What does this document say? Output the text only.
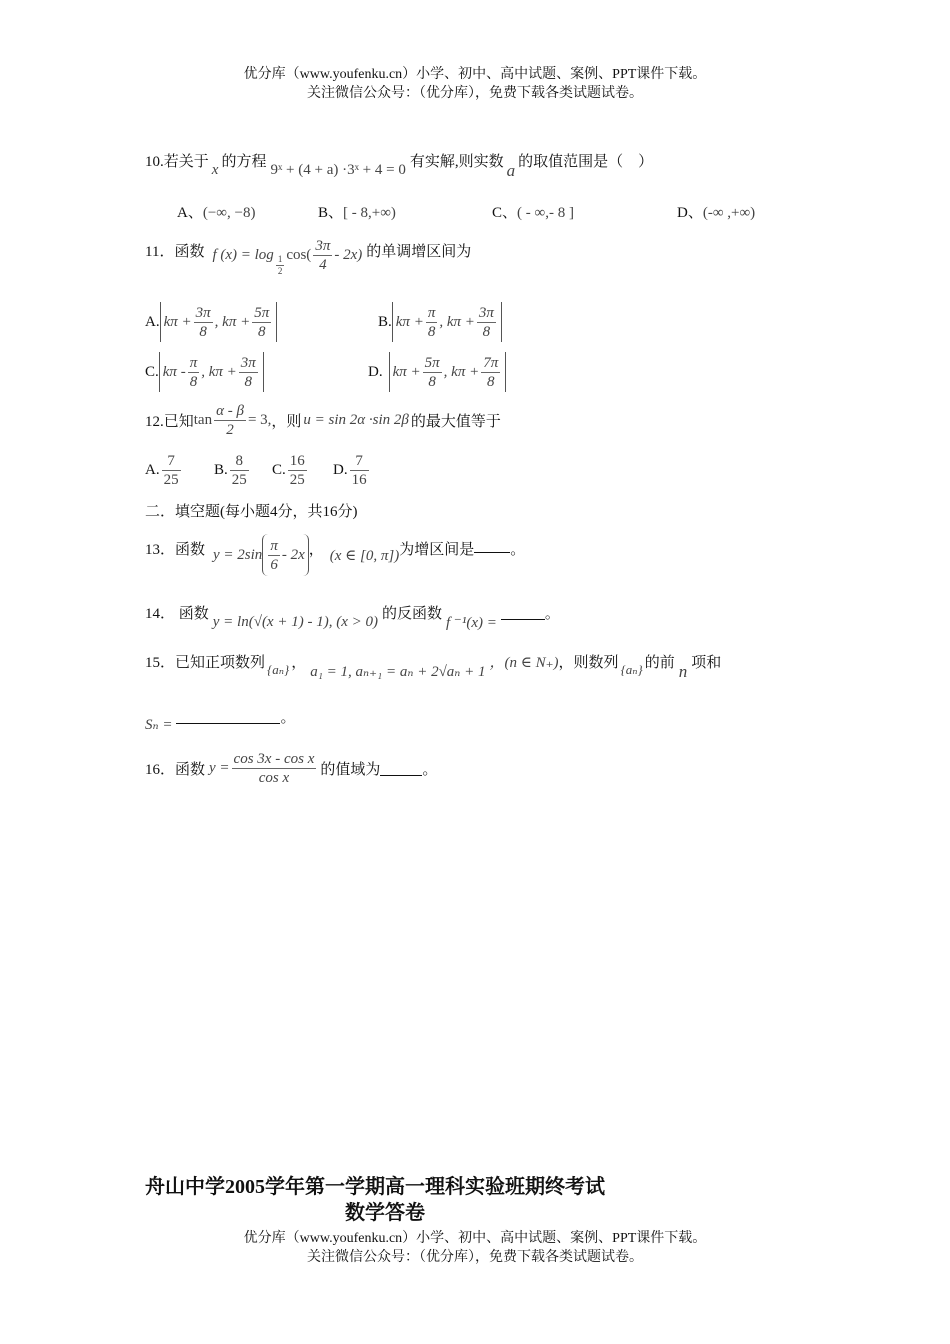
优分库（www.youfenku.cn）小学、初中、高中试题、案例、PPT课件下载。
关注微信公众号：（优分库），免费下载各类试题试卷。
10.若关于 x 的方程 9ˣ + (4 + a) ·3ˣ + 4 = 0 有实解,则实数 a 的取值范围是（　）
A、(−∞, −8)	B、[ - 8,+∞)	C、( - ∞,- 8 ]	D、(-∞ ,+∞)
11．函数 f $(x) = \log \frac{1}{2} \cos( \frac{3\pi}{4} - 2x)$ 的单调增区间为
A. $k\pi + \frac{3\pi}{8}$ , $k\pi + \frac{5\pi}{8}$	B. $k\pi + \frac{\pi}{8}$ , $k\pi + \frac{3\pi}{8}$
C. kπ - $\frac{\pi}{8}$ , $k\pi + \frac{3\pi}{8}$	D. $k\pi + \frac{5\pi}{8}$ , $k\pi + \frac{7\pi}{8}$
12.已知 $\tan \frac{\alpha - \beta}{2} = 3$, ，则 u = sin 2α ·sin 2β 的最大值等于
A. $\frac{7}{25} B$. $\frac{8}{25} C$. $\frac{16}{25} D$. $\frac{7}{16}$
二．填空题(每小题4分，共16分)
13．函数 $y = 2\sin \frac{\pi}{6} - 2x$ ， (x ∈ [0, π]) 为增区间是 。
14． 函数 y = ln(√(x + 1) - 1), (x > 0) 的反函数
f ⁻¹(x) =
。
15．已知正项数列 {aₙ} ，
a₁ = 1, aₙ₊₁ = aₙ + 2√aₙ + 1
，(n ∈ N₊) ，则数列 {aₙ} 的前 n 项和
Sₙ =	。
16．函数 $y = \frac{\text{cos 3x - cos x}}{\text{cos x}}$ 的值域为	。
舟山中学2005学年第一学期高一理科实验班期终考试
数学答卷
优分库（www.youfenku.cn）小学、初中、高中试题、案例、PPT课件下载。
关注微信公众号：（优分库），免费下载各类试题试卷。
